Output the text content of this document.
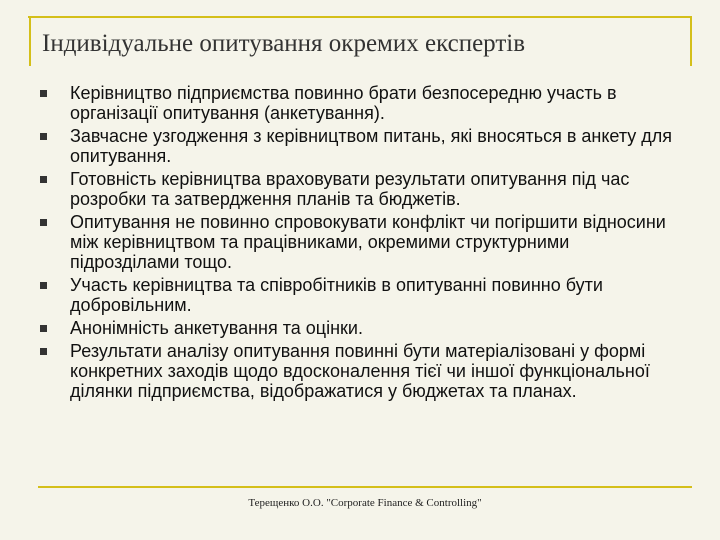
Індивідуальне опитування окремих експертів
Керівництво підприємства повинно брати безпосередню участь в організації опитування (анкетування).
Завчасне узгодження з керівництвом питань, які вносяться в анкету для опитування.
Готовність керівництва враховувати результати опитування під час розробки та затвердження планів та бюджетів.
Опитування не повинно спровокувати конфлікт чи погіршити відносини між керівництвом та працівниками, окремими структурними підрозділами тощо.
Участь керівництва та співробітників в опитуванні повинно бути добровільним.
Анонімність анкетування та оцінки.
Результати аналізу опитування повинні бути матеріалізовані у формі конкретних заходів щодо вдосконалення тієї чи іншої функціональної ділянки підприємства, відображатися у бюджетах та планах.
Терещенко О.О. "Corporate Finance & Controlling"
